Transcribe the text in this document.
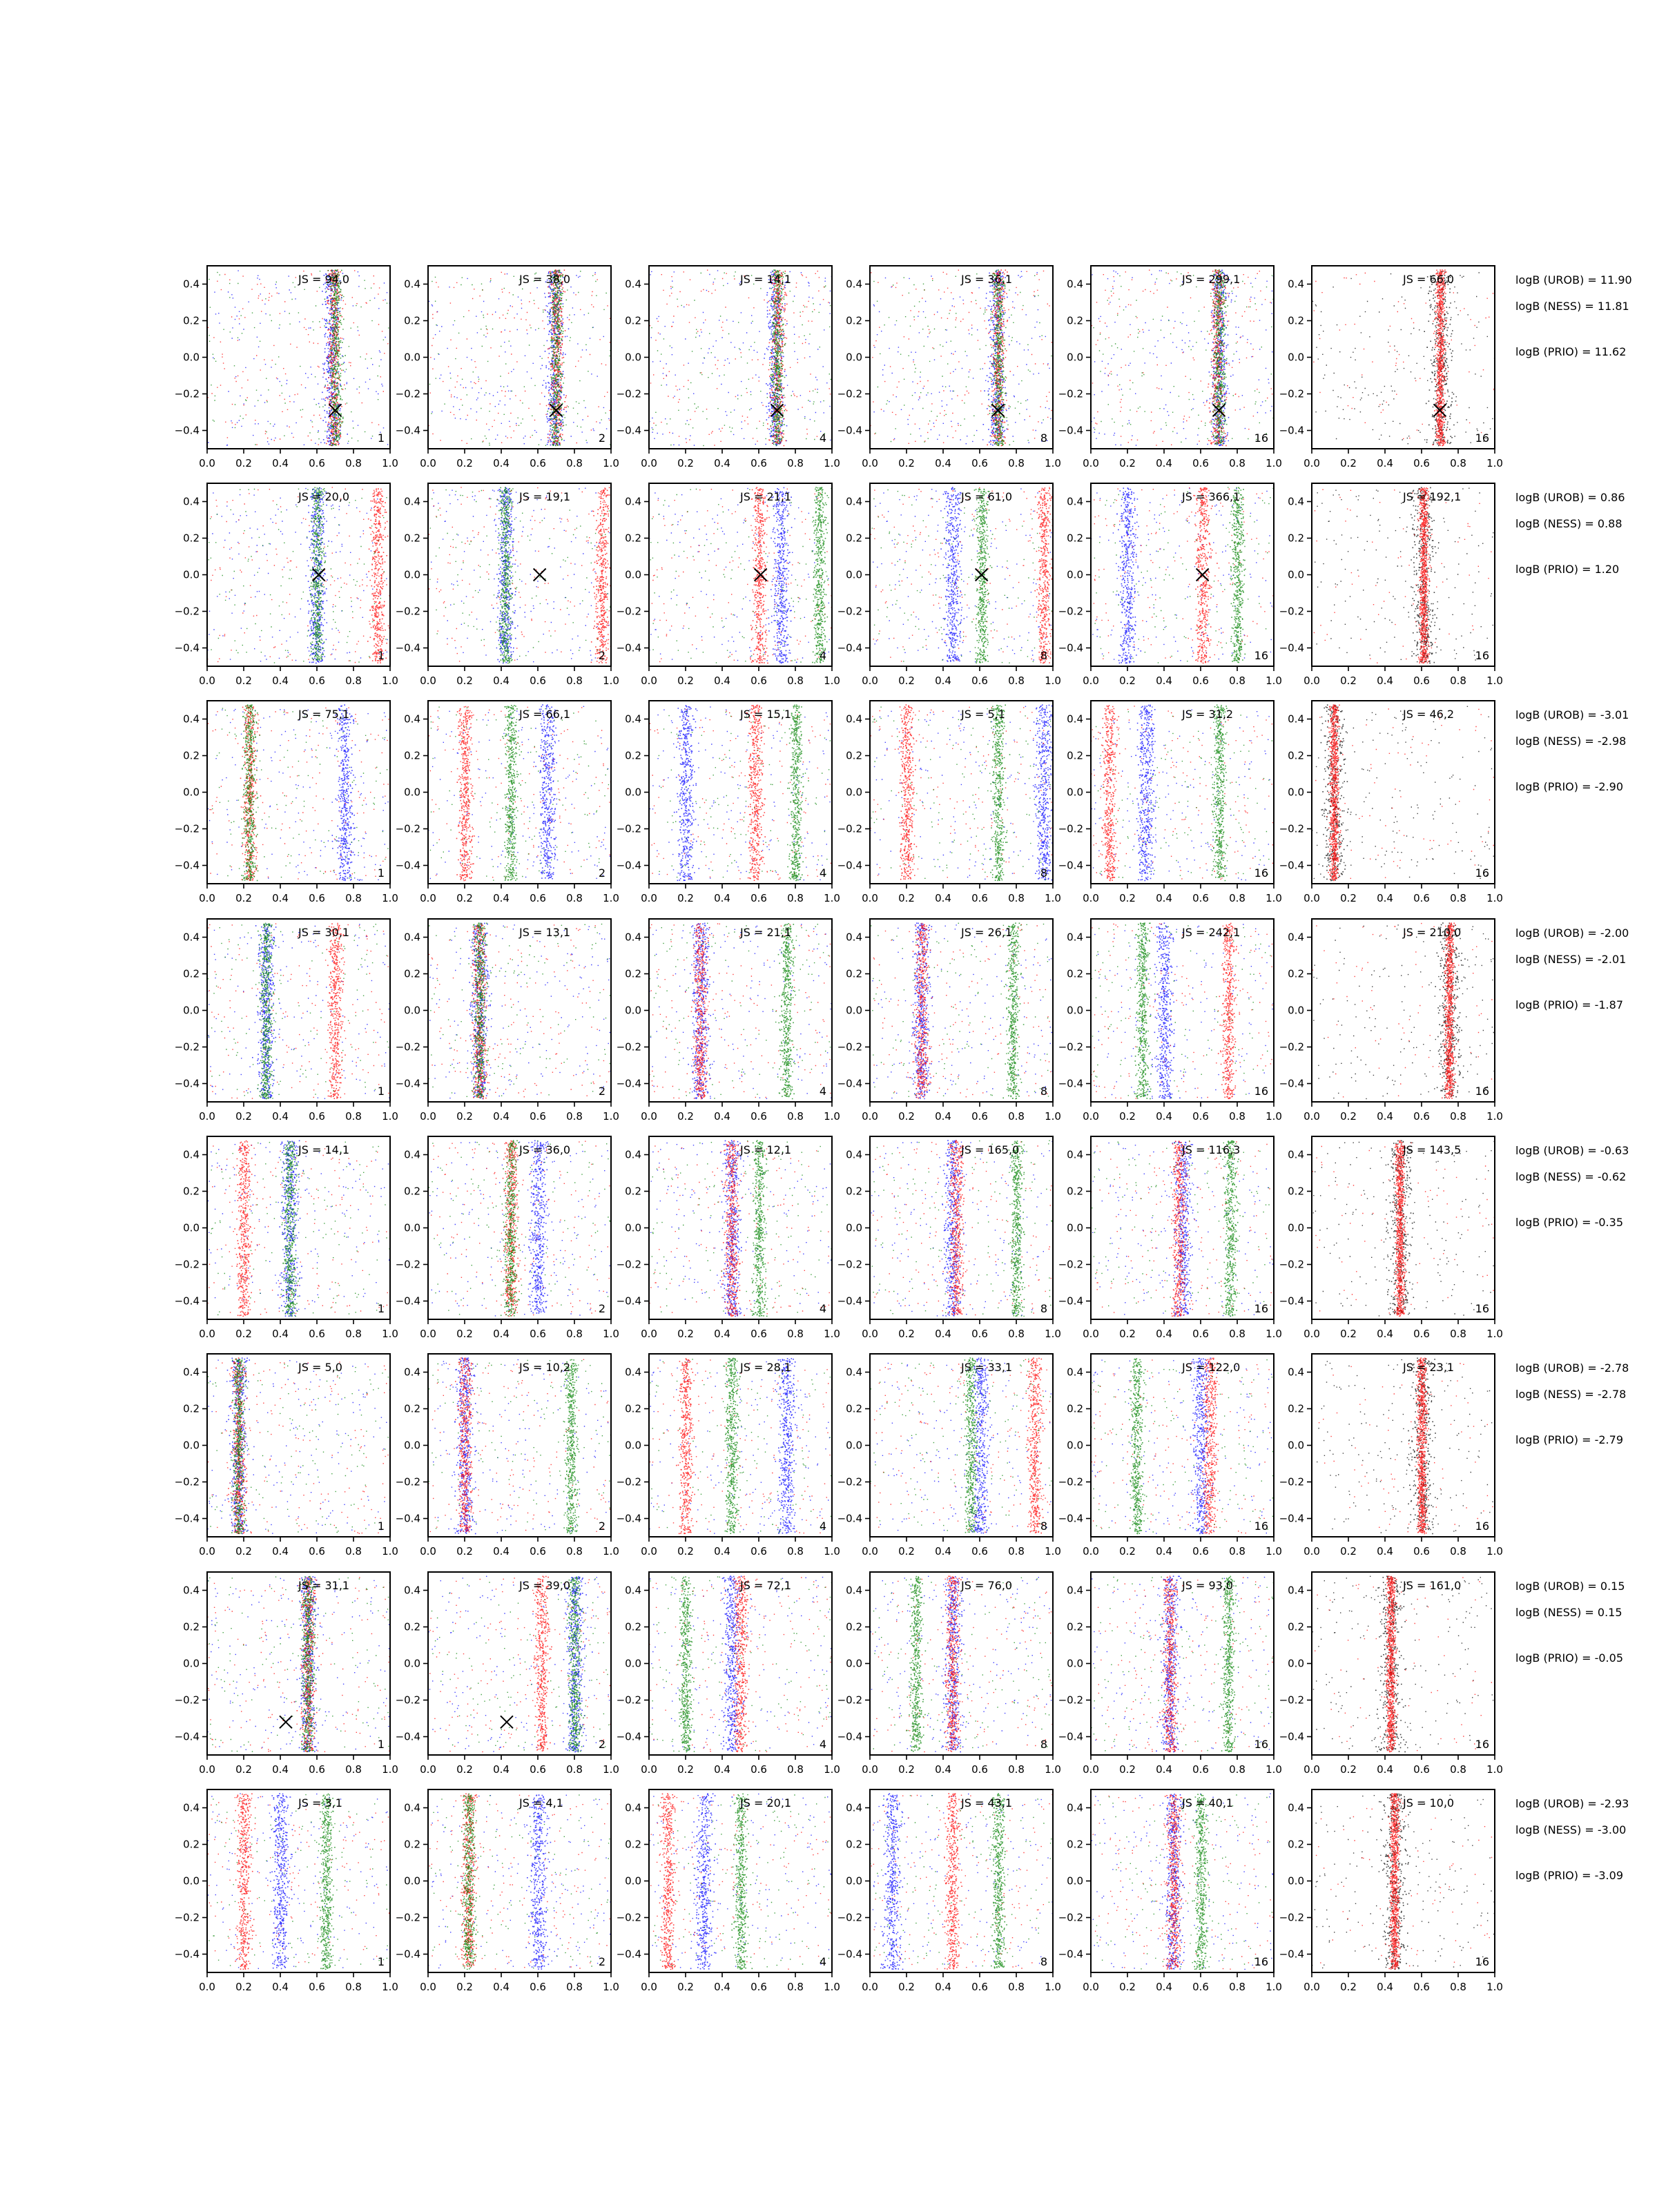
0.0 0.2 0.4 0.6 0.8 1.0
0.4
0.2
0.0
−0.2
−0.4
JS = 94,0
1
0.0 0.2 0.4 0.6 0.8 1.0
0.4
0.2
0.0
−0.2
−0.4
JS = 38,0
2
0.0 0.2 0.4 0.6 0.8 1.0
0.4
0.2
0.0
−0.2
−0.4
JS = 14,1
4
0.0 0.2 0.4 0.6 0.8 1.0
0.4
0.2
0.0
−0.2
−0.4
JS = 36,1
8
0.0 0.2 0.4 0.6 0.8 1.0
0.4
0.2
0.0
−0.2
−0.4
JS = 299,1
16
0.0 0.2 0.4 0.6 0.8 1.0
0.4
0.2
0.0
−0.2
−0.4
JS = 66,0
16
logB (UROB) = 11.90
logB (NESS) = 11.81
logB (PRIO) = 11.62
0.0 0.2 0.4 0.6 0.8 1.0
0.4
0.2
0.0
−0.2
−0.4
JS = 20,0
1
0.0 0.2 0.4 0.6 0.8 1.0
0.4
0.2
0.0
−0.2
−0.4
JS = 19,1
2
0.0 0.2 0.4 0.6 0.8 1.0
0.4
0.2
0.0
−0.2
−0.4
JS = 21,1
4
0.0 0.2 0.4 0.6 0.8 1.0
0.4
0.2
0.0
−0.2
−0.4
JS = 61,0
8
0.0 0.2 0.4 0.6 0.8 1.0
0.4
0.2
0.0
−0.2
−0.4
JS = 366,1
16
0.0 0.2 0.4 0.6 0.8 1.0
0.4
0.2
0.0
−0.2
−0.4
JS = 192,1
16
logB (UROB) = 0.86
logB (NESS) = 0.88
logB (PRIO) = 1.20
0.0 0.2 0.4 0.6 0.8 1.0
0.4
0.2
0.0
−0.2
−0.4
JS = 75,1
1
0.0 0.2 0.4 0.6 0.8 1.0
0.4
0.2
0.0
−0.2
−0.4
JS = 66,1
2
0.0 0.2 0.4 0.6 0.8 1.0
0.4
0.2
0.0
−0.2
−0.4
JS = 15,1
4
0.0 0.2 0.4 0.6 0.8 1.0
0.4
0.2
0.0
−0.2
−0.4
JS = 5,1
8
0.0 0.2 0.4 0.6 0.8 1.0
0.4
0.2
0.0
−0.2
−0.4
JS = 31,2
16
0.0 0.2 0.4 0.6 0.8 1.0
0.4
0.2
0.0
−0.2
−0.4
JS = 46,2
16
logB (UROB) = -3.01
logB (NESS) = -2.98
logB (PRIO) = -2.90
0.0 0.2 0.4 0.6 0.8 1.0
0.4
0.2
0.0
−0.2
−0.4
JS = 30,1
1
0.0 0.2 0.4 0.6 0.8 1.0
0.4
0.2
0.0
−0.2
−0.4
JS = 13,1
2
0.0 0.2 0.4 0.6 0.8 1.0
0.4
0.2
0.0
−0.2
−0.4
JS = 21,1
4
0.0 0.2 0.4 0.6 0.8 1.0
0.4
0.2
0.0
−0.2
−0.4
JS = 26,1
8
0.0 0.2 0.4 0.6 0.8 1.0
0.4
0.2
0.0
−0.2
−0.4
JS = 242,1
16
0.0 0.2 0.4 0.6 0.8 1.0
0.4
0.2
0.0
−0.2
−0.4
JS = 210,0
16
logB (UROB) = -2.00
logB (NESS) = -2.01
logB (PRIO) = -1.87
0.0 0.2 0.4 0.6 0.8 1.0
0.4
0.2
0.0
−0.2
−0.4
JS = 14,1
1
0.0 0.2 0.4 0.6 0.8 1.0
0.4
0.2
0.0
−0.2
−0.4
JS = 36,0
2
0.0 0.2 0.4 0.6 0.8 1.0
0.4
0.2
0.0
−0.2
−0.4
JS = 12,1
4
0.0 0.2 0.4 0.6 0.8 1.0
0.4
0.2
0.0
−0.2
−0.4
JS = 165,0
8
0.0 0.2 0.4 0.6 0.8 1.0
0.4
0.2
0.0
−0.2
−0.4
JS = 116,3
16
0.0 0.2 0.4 0.6 0.8 1.0
0.4
0.2
0.0
−0.2
−0.4
JS = 143,5
16
logB (UROB) = -0.63
logB (NESS) = -0.62
logB (PRIO) = -0.35
0.0 0.2 0.4 0.6 0.8 1.0
0.4
0.2
0.0
−0.2
−0.4
JS = 5,0
1
0.0 0.2 0.4 0.6 0.8 1.0
0.4
0.2
0.0
−0.2
−0.4
JS = 10,2
2
0.0 0.2 0.4 0.6 0.8 1.0
0.4
0.2
0.0
−0.2
−0.4
JS = 28,1
4
0.0 0.2 0.4 0.6 0.8 1.0
0.4
0.2
0.0
−0.2
−0.4
JS = 33,1
8
0.0 0.2 0.4 0.6 0.8 1.0
0.4
0.2
0.0
−0.2
−0.4
JS = 122,0
16
0.0 0.2 0.4 0.6 0.8 1.0
0.4
0.2
0.0
−0.2
−0.4
JS = 23,1
16
logB (UROB) = -2.78
logB (NESS) = -2.78
logB (PRIO) = -2.79
0.0 0.2 0.4 0.6 0.8 1.0
0.4
0.2
0.0
−0.2
−0.4
JS = 31,1
1
0.0 0.2 0.4 0.6 0.8 1.0
0.4
0.2
0.0
−0.2
−0.4
JS = 39,0
2
0.0 0.2 0.4 0.6 0.8 1.0
0.4
0.2
0.0
−0.2
−0.4
JS = 72,1
4
0.0 0.2 0.4 0.6 0.8 1.0
0.4
0.2
0.0
−0.2
−0.4
JS = 76,0
8
0.0 0.2 0.4 0.6 0.8 1.0
0.4
0.2
0.0
−0.2
−0.4
JS = 93,0
16
0.0 0.2 0.4 0.6 0.8 1.0
0.4
0.2
0.0
−0.2
−0.4
JS = 161,0
16
logB (UROB) = 0.15
logB (NESS) = 0.15
logB (PRIO) = -0.05
0.0 0.2 0.4 0.6 0.8 1.0
0.4
0.2
0.0
−0.2
−0.4
JS = 3,1
1
0.0 0.2 0.4 0.6 0.8 1.0
0.4
0.2
0.0
−0.2
−0.4
JS = 4,1
2
0.0 0.2 0.4 0.6 0.8 1.0
0.4
0.2
0.0
−0.2
−0.4
JS = 20,1
4
0.0 0.2 0.4 0.6 0.8 1.0
0.4
0.2
0.0
−0.2
−0.4
JS = 43,1
8
0.0 0.2 0.4 0.6 0.8 1.0
0.4
0.2
0.0
−0.2
−0.4
JS = 40,1
16
0.0 0.2 0.4 0.6 0.8 1.0
0.4
0.2
0.0
−0.2
−0.4
JS = 10,0
16
logB (UROB) = -2.93
logB (NESS) = -3.00
logB (PRIO) = -3.09
